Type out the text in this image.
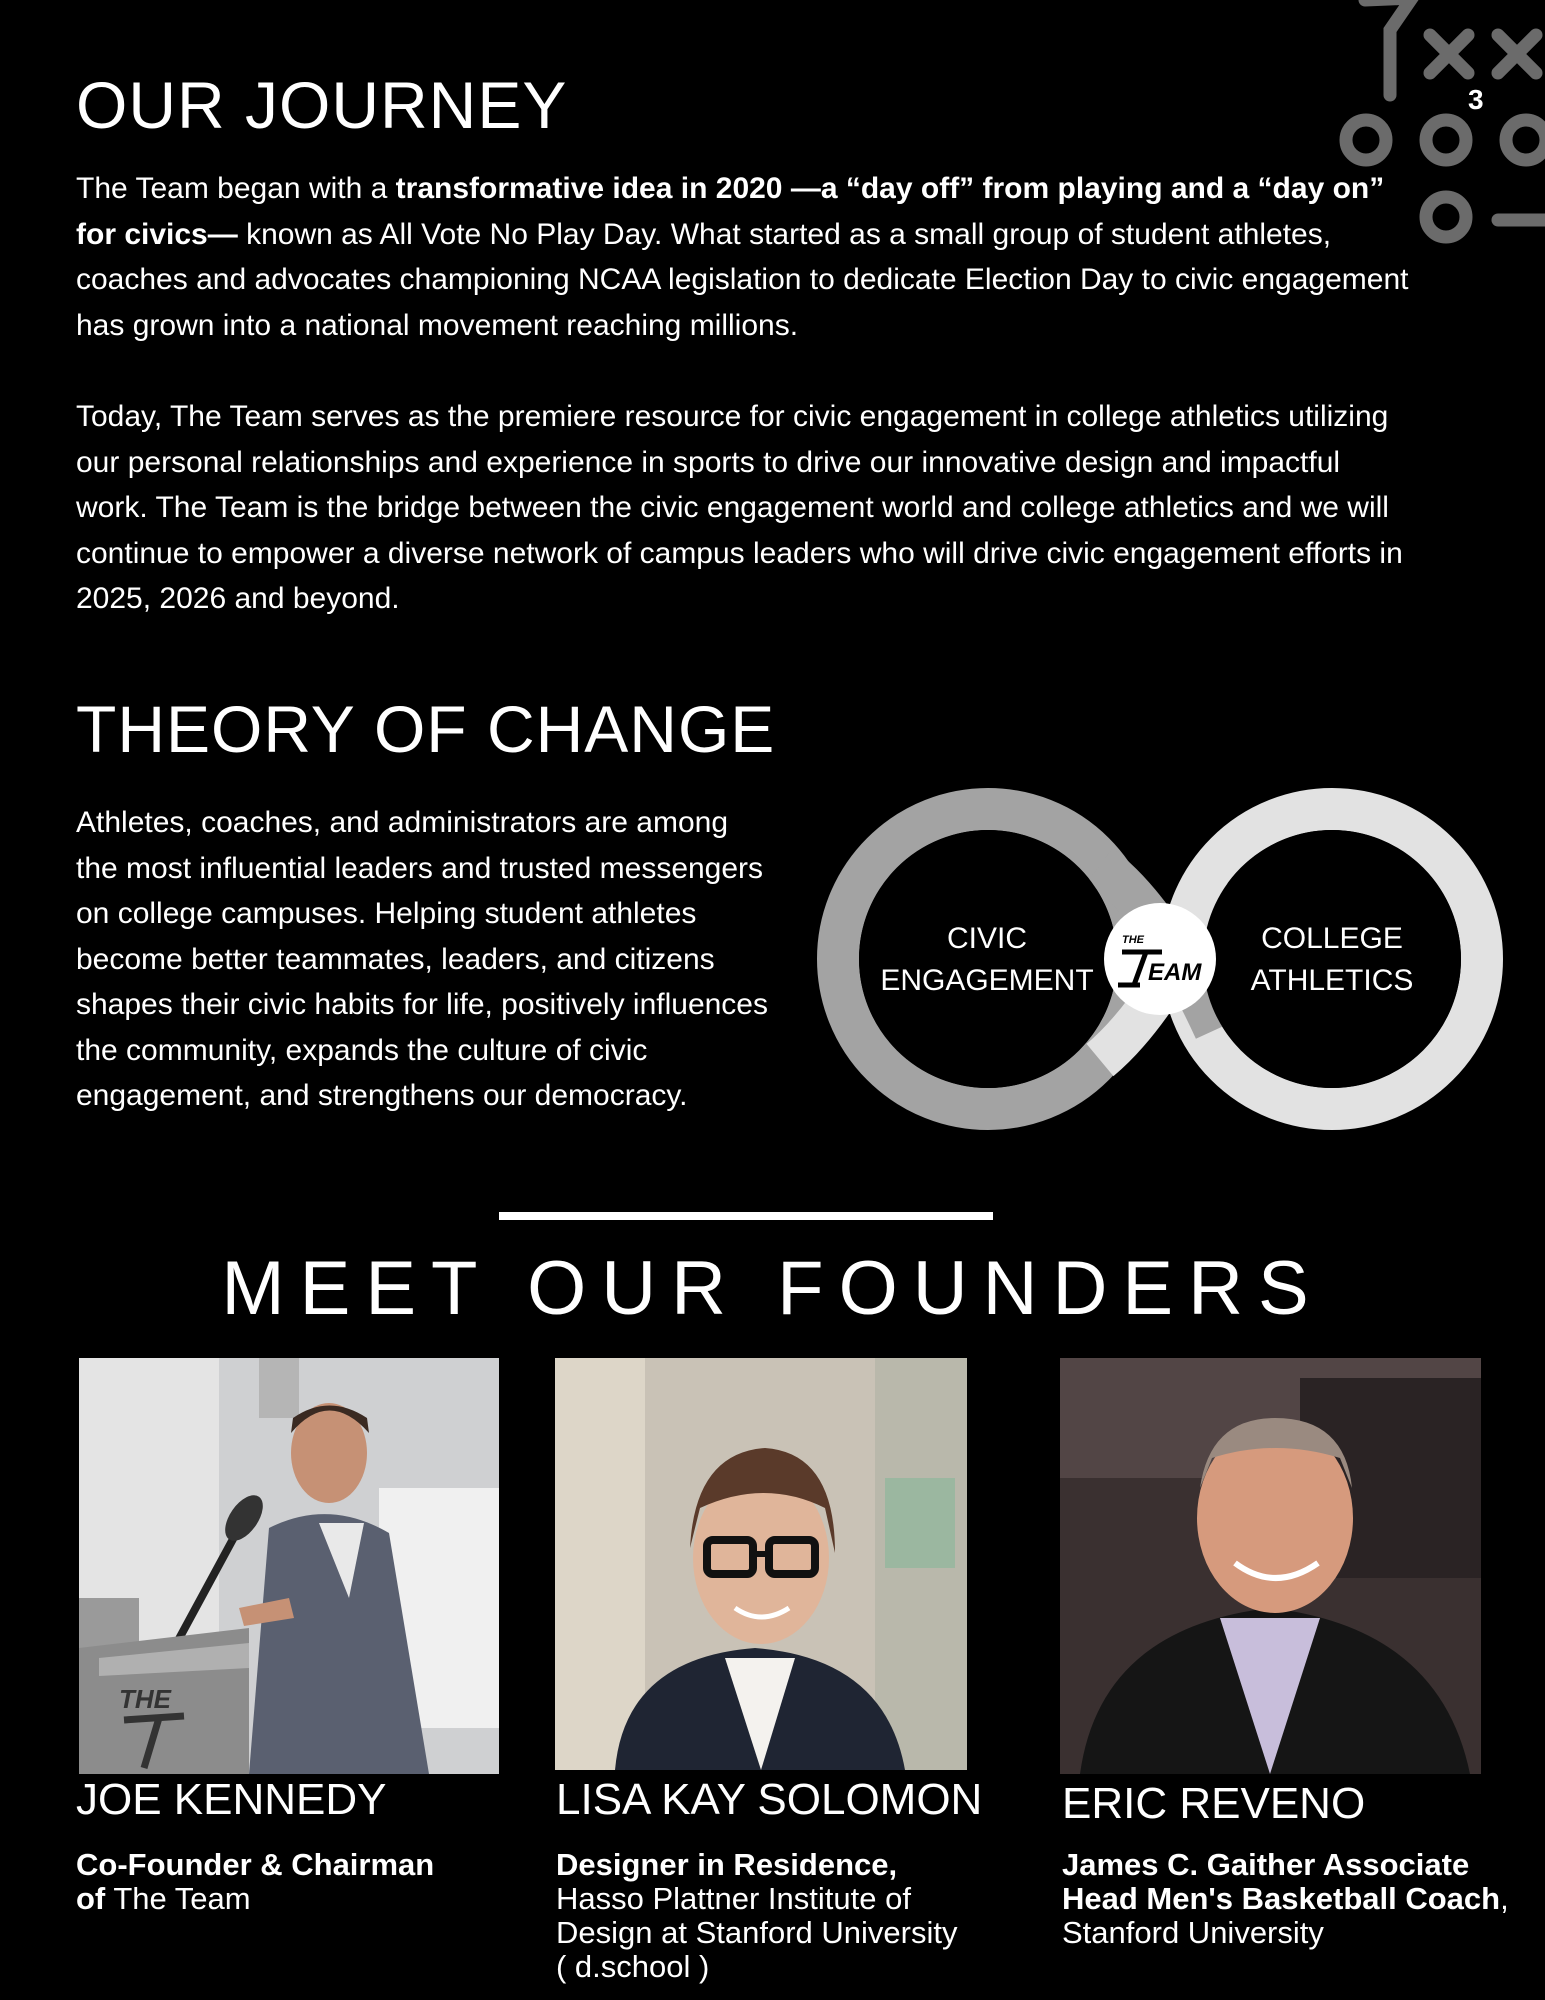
3
OUR JOURNEY

The Team began with a transformative idea in 2020 —a “day off” from playing and a “day on” for civics— known as All Vote No Play Day. What started as a small group of student athletes, coaches and advocates championing NCAA legislation to dedicate Election Day to civic engagement has grown into a national movement reaching millions.

Today, The Team serves as the premiere resource for civic engagement in college athletics utilizing our personal relationships and experience in sports to drive our innovative design and impactful work. The Team is the bridge between the civic engagement world and college athletics and we will continue to empower a diverse network of campus leaders who will drive civic engagement efforts in 2025, 2026 and beyond.

THEORY OF CHANGE

Athletes, coaches, and administrators are among the most influential leaders and trusted messengers on college campuses. Helping student athletes become better teammates, leaders, and citizens shapes their civic habits for life, positively influences the community, expands the culture of civic engagement, and strengthens our democracy.

CIVIC
ENGAGEMENT
COLLEGE
ATHLETICS
THE
EAM
MEET OUR FOUNDERS
THE
JOE KENNEDY
Co-Founder & Chairman
of The Team
LISA KAY SOLOMON
Designer in Residence,
Hasso Plattner Institute of
Design at Stanford University
( d.school )
ERIC REVENO
James C. Gaither Associate
Head Men's Basketball Coach,
Stanford University
